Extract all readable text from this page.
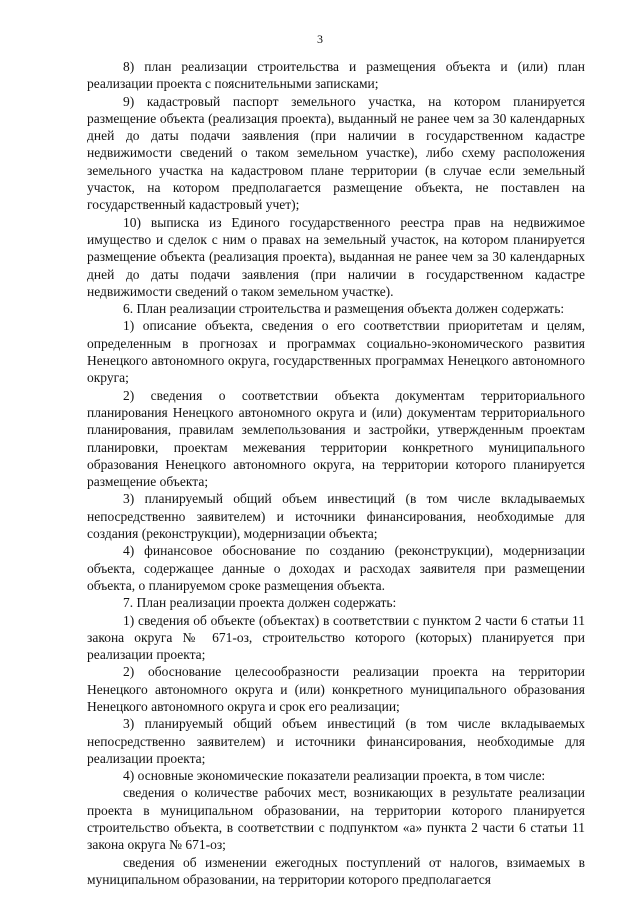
3

8) план реализации строительства и размещения объекта и (или) план реализации проекта с пояснительными записками;

9) кадастровый паспорт земельного участка, на котором планируется размещение объекта (реализация проекта), выданный не ранее чем за 30 календарных дней до даты подачи заявления (при наличии в государственном кадастре недвижимости сведений о таком земельном участке), либо схему расположения земельного участка на кадастровом плане территории (в случае если земельный участок, на котором предполагается размещение объекта, не поставлен на государственный кадастровый учет);

10) выписка из Единого государственного реестра прав на недвижимое имущество и сделок с ним о правах на земельный участок, на котором планируется размещение объекта (реализация проекта), выданная не ранее чем за 30 календарных дней до даты подачи заявления (при наличии в государственном кадастре недвижимости сведений о таком земельном участке).

6. План реализации строительства и размещения объекта должен содержать:

1) описание объекта, сведения о его соответствии приоритетам и целям, определенным в прогнозах и программах социально-экономического развития Ненецкого автономного округа, государственных программах Ненецкого автономного округа;

2) сведения о соответствии объекта документам территориального планирования Ненецкого автономного округа и (или) документам территориального планирования, правилам землепользования и застройки, утвержденным проектам планировки, проектам межевания территории конкретного муниципального образования Ненецкого автономного округа, на территории которого планируется размещение объекта;

3) планируемый общий объем инвестиций (в том числе вкладываемых непосредственно заявителем) и источники финансирования, необходимые для создания (реконструкции), модернизации объекта;

4) финансовое обоснование по созданию (реконструкции), модернизации объекта, содержащее данные о доходах и расходах заявителя при размещении объекта, о планируемом сроке размещения объекта.

7. План реализации проекта должен содержать:

1) сведения об объекте (объектах) в соответствии с пунктом 2 части 6 статьи 11 закона округа № 671-оз, строительство которого (которых) планируется при реализации проекта;

2) обоснование целесообразности реализации проекта на территории Ненецкого автономного округа и (или) конкретного муниципального образования Ненецкого автономного округа и срок его реализации;

3) планируемый общий объем инвестиций (в том числе вкладываемых непосредственно заявителем) и источники финансирования, необходимые для реализации проекта;

4) основные экономические показатели реализации проекта, в том числе:

сведения о количестве рабочих мест, возникающих в результате реализации проекта в муниципальном образовании, на территории которого планируется строительство объекта, в соответствии с подпунктом «а» пункта 2 части 6 статьи 11 закона округа № 671-оз;

сведения об изменении ежегодных поступлений от налогов, взимаемых в муниципальном образовании, на территории которого предполагается
